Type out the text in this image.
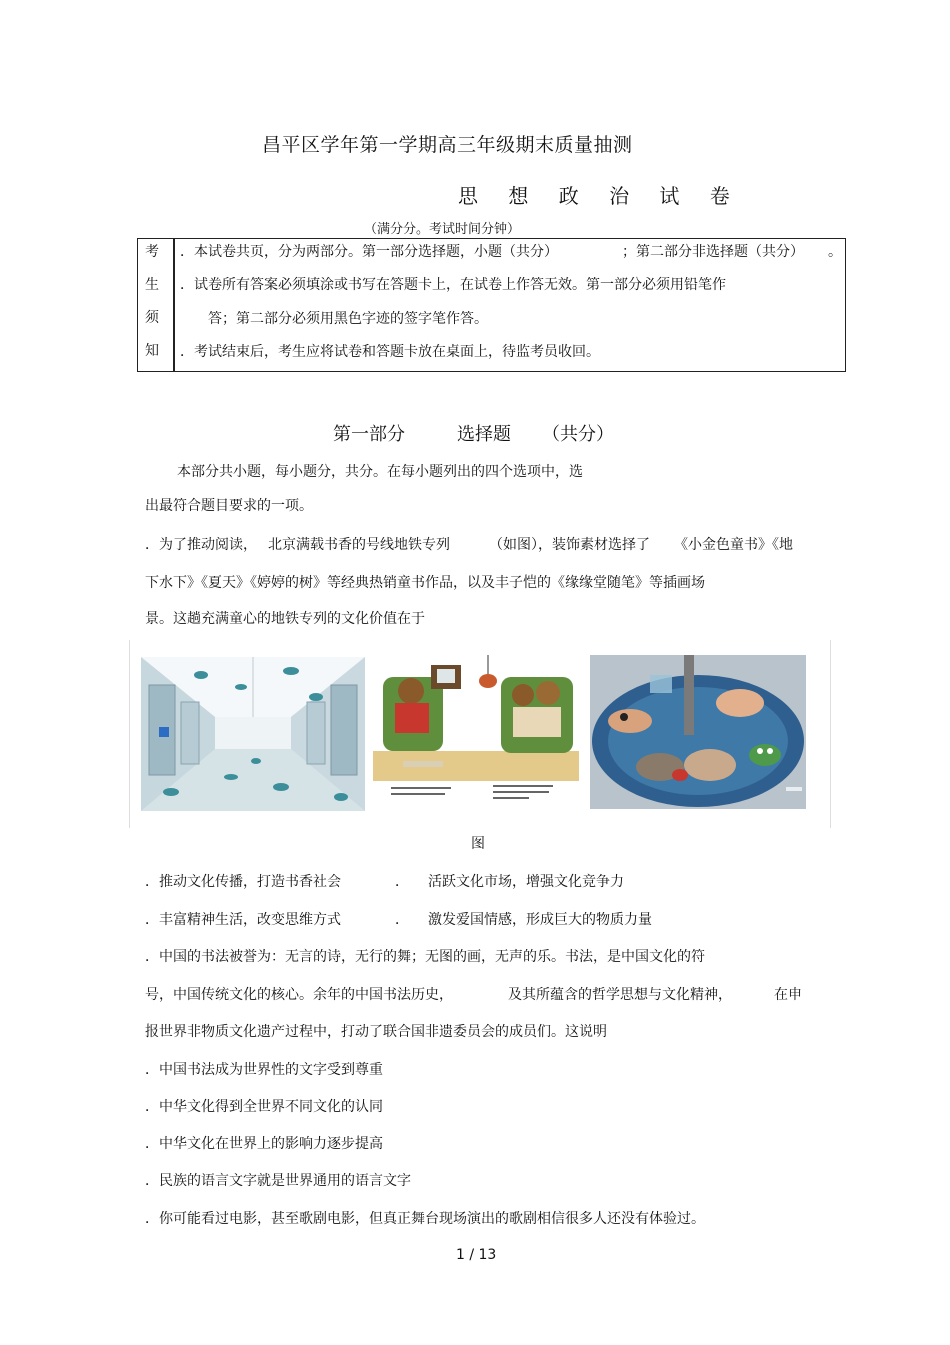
昌平区学年第一学期高三年级期末质量抽测
思 想 政 治 试 卷
（满分分。考试时间分钟）
考
生
须
知
．本试卷共页，分为两部分。第一部分选择题，小题（共分）	；第二部分非选择题（共分） 。
．试卷所有答案必须填涂或书写在答题卡上，在试卷上作答无效。第一部分必须用铅笔作
答；第二部分必须用黑色字迹的签字笔作答。
．考试结束后，考生应将试卷和答题卡放在桌面上，待监考员收回。
第一部分	选择题 （共分）
本部分共小题，每小题分，共分。在每小题列出的四个选项中，选
出最符合题目要求的一项。
．为了推动阅读， 北京满载书香的号线地铁专列	（如图），装饰素材选择了 《小金色童书》《地
下水下》《夏天》《婷婷的树》等经典热销童书作品，以及丰子恺的《缘缘堂随笔》等插画场
景。这趟充满童心的地铁专列的文化价值在于
图
．推动文化传播，打造书香社会	． 活跃文化市场，增强文化竞争力
．丰富精神生活，改变思维方式	． 激发爱国情感，形成巨大的物质力量
．中国的书法被誉为：无言的诗，无行的舞；无图的画，无声的乐。书法，是中国文化的符
号，中国传统文化的核心。余年的中国书法历史，	及其所蕴含的哲学思想与文化精神，	在申
报世界非物质文化遗产过程中，打动了联合国非遗委员会的成员们。这说明
．中国书法成为世界性的文字受到尊重
．中华文化得到全世界不同文化的认同
．中华文化在世界上的影响力逐步提高
．民族的语言文字就是世界通用的语言文字
．你可能看过电影，甚至歌剧电影，但真正舞台现场演出的歌剧相信很多人还没有体验过。
1 / 13
